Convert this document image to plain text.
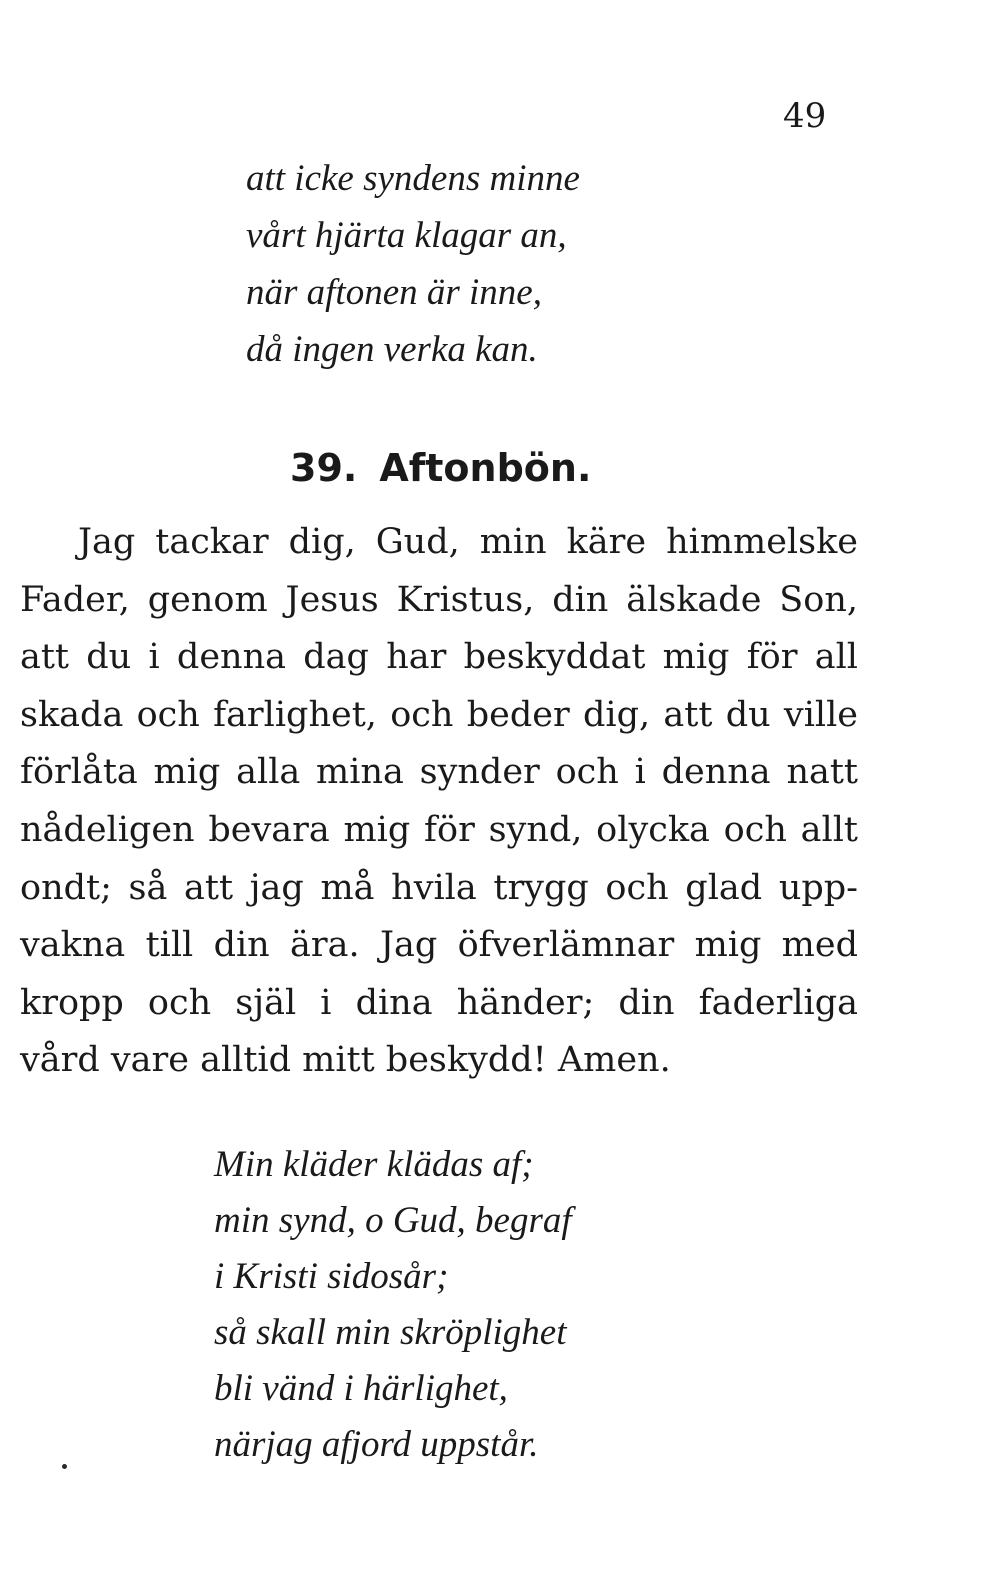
49
att icke syndens minne
vårt hjärta klagar an,
när aftonen är inne,
då ingen verka kan.
39. Aftonbön.
Jag tackar dig, Gud, min käre himmelske
Fader, genom Jesus Kristus, din älskade Son,
att du i denna dag har beskyddat mig för all
skada och farlighet, och beder dig, att du ville
förlåta mig alla mina synder och i denna natt
nådeligen bevara mig för synd, olycka och allt
ondt; så att jag må hvila trygg och glad upp-
vakna till din ära. Jag öfverlämnar mig med
kropp och själ i dina händer; din faderliga
vård vare alltid mitt beskydd! Amen.
Min kläder klädas af;
min synd, o Gud, begraf
i Kristi sidosår;
så skall min skröplighet
bli vänd i härlighet,
närjag afjord uppstår.
